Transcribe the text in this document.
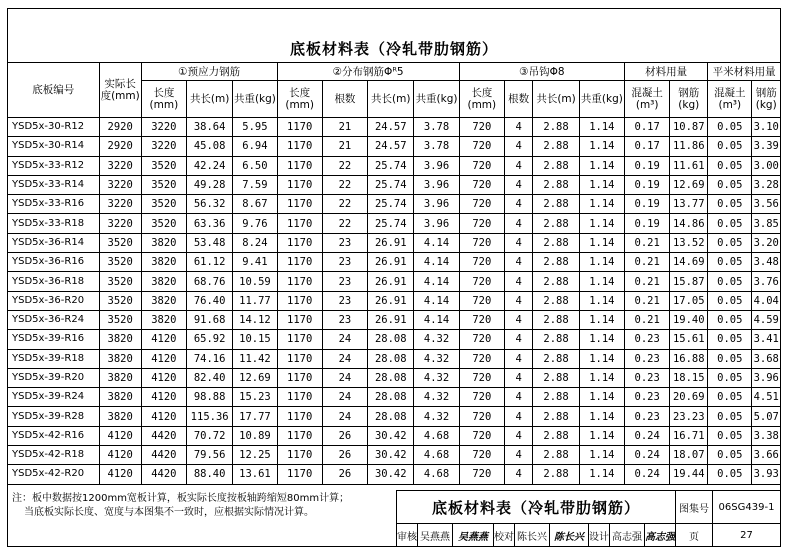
底板材料表（冷轧带肋钢筋）
底板编号	实际长度(mm)	①预应力钢筋			②分布钢筋Φᴿ5				③吊钩Φ8				材料用量		平米材料用量	
		长度(mm)	共长(m)	共重(kg)	长度(mm)	根数	共长(m)	共重(kg)	长度(mm)	根数	共长(m)	共重(kg)	混凝土(m³)	钢筋(kg)	混凝土(m³)	钢筋(kg)
YSD5x-30-R12	2920	3220	38.64	5.95	1170	21	24.57	3.78	720	4	2.88	1.14	0.17	10.87	0.05	3.10
YSD5x-30-R14	2920	3220	45.08	6.94	1170	21	24.57	3.78	720	4	2.88	1.14	0.17	11.86	0.05	3.39
YSD5x-33-R12	3220	3520	42.24	6.50	1170	22	25.74	3.96	720	4	2.88	1.14	0.19	11.61	0.05	3.00
YSD5x-33-R14	3220	3520	49.28	7.59	1170	22	25.74	3.96	720	4	2.88	1.14	0.19	12.69	0.05	3.28
YSD5x-33-R16	3220	3520	56.32	8.67	1170	22	25.74	3.96	720	4	2.88	1.14	0.19	13.77	0.05	3.56
YSD5x-33-R18	3220	3520	63.36	9.76	1170	22	25.74	3.96	720	4	2.88	1.14	0.19	14.86	0.05	3.85
YSD5x-36-R14	3520	3820	53.48	8.24	1170	23	26.91	4.14	720	4	2.88	1.14	0.21	13.52	0.05	3.20
YSD5x-36-R16	3520	3820	61.12	9.41	1170	23	26.91	4.14	720	4	2.88	1.14	0.21	14.69	0.05	3.48
YSD5x-36-R18	3520	3820	68.76	10.59	1170	23	26.91	4.14	720	4	2.88	1.14	0.21	15.87	0.05	3.76
YSD5x-36-R20	3520	3820	76.40	11.77	1170	23	26.91	4.14	720	4	2.88	1.14	0.21	17.05	0.05	4.04
YSD5x-36-R24	3520	3820	91.68	14.12	1170	23	26.91	4.14	720	4	2.88	1.14	0.21	19.40	0.05	4.59
YSD5x-39-R16	3820	4120	65.92	10.15	1170	24	28.08	4.32	720	4	2.88	1.14	0.23	15.61	0.05	3.41
YSD5x-39-R18	3820	4120	74.16	11.42	1170	24	28.08	4.32	720	4	2.88	1.14	0.23	16.88	0.05	3.68
YSD5x-39-R20	3820	4120	82.40	12.69	1170	24	28.08	4.32	720	4	2.88	1.14	0.23	18.15	0.05	3.96
YSD5x-39-R24	3820	4120	98.88	15.23	1170	24	28.08	4.32	720	4	2.88	1.14	0.23	20.69	0.05	4.51
YSD5x-39-R28	3820	4120	115.36	17.77	1170	24	28.08	4.32	720	4	2.88	1.14	0.23	23.23	0.05	5.07
YSD5x-42-R16	4120	4420	70.72	10.89	1170	26	30.42	4.68	720	4	2.88	1.14	0.24	16.71	0.05	3.38
YSD5x-42-R18	4120	4420	79.56	12.25	1170	26	30.42	4.68	720	4	2.88	1.14	0.24	18.07	0.05	3.66
YSD5x-42-R20	4120	4420	88.40	13.61	1170	26	30.42	4.68	720	4	2.88	1.14	0.24	19.44	0.05	3.93
注：板中数据按1200mm宽板计算，板实际长度按板轴跨缩短80mm计算；
当底板实际长度、宽度与本图集不一致时，应根据实际情况计算。	底板材料表（冷轧带肋钢筋）	图集号 06SG439-1
审核 吴燕燕 吴燕燕 校对 陈长兴 陈长兴 设计 高志强 高志强	页	27
